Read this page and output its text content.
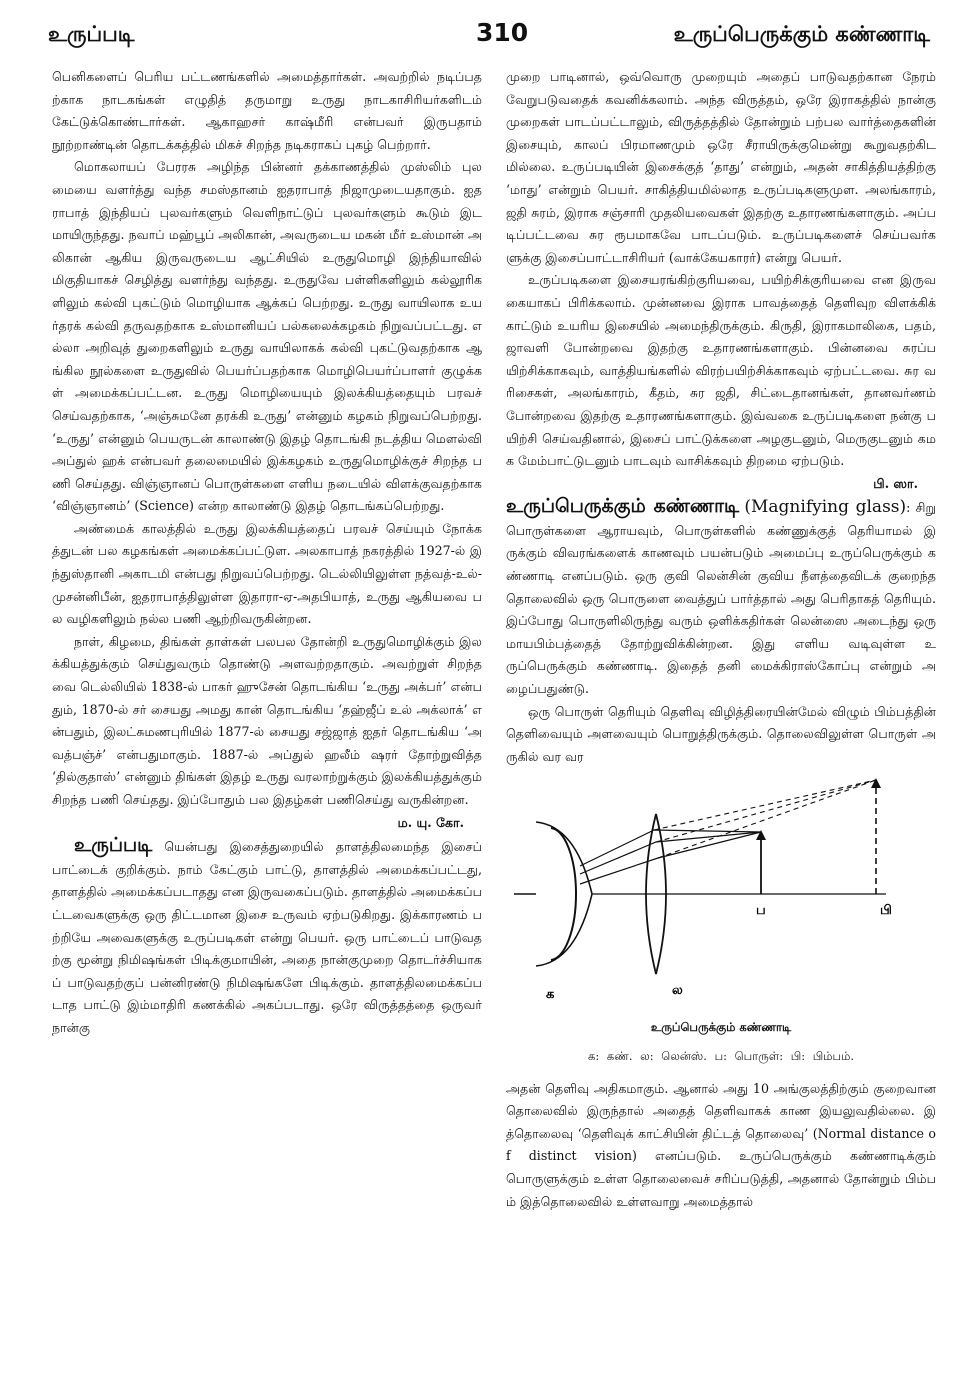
உருப்படி	310	உருப்பெருக்கும் கண்ணாடி

பெனிகளைப் பெரிய பட்டணங்களில் அமைத்தார்கள். அவற்றில் நடிப்பதற்காக நாடகங்கள் எழுதித் தருமாறு உருது நாடகாசிரியர்களிடம் கேட்டுக்கொண்டார்கள். ஆகாஹசர் காஷ்மீரி என்பவர் இருபதாம் நூற்றாண்டின் தொடக்கத்தில் மிகச் சிறந்த நடிகராகப் புகழ் பெற்றார்.

மொகலாயப் பேரரசு அழிந்த பின்னர் தக்காணத்தில் முஸ்லிம் புலமையை வளர்த்து வந்த சமஸ்தானம் ஐதராபாத் நிஜாமுடையதாகும். ஐதராபாத் இந்தியப் புலவர்களும் வெளிநாட்டுப் புலவர்களும் கூடும் இடமாயிருந்தது. நவாப் மஹ்பூப் அலிகான், அவருடைய மகன் மீர் உஸ்மான் அலிகான் ஆகிய இருவருடைய ஆட்சியில் உருதுமொழி இந்தியாவில் மிகுதியாகச் செழித்து வளர்ந்து வந்தது. உருதுவே பள்ளிகளிலும் கல்லூரிகளிலும் கல்வி புகட்டும் மொழியாக ஆக்கப் பெற்றது. உருது வாயிலாக உயர்தரக் கல்வி தருவதற்காக உஸ்மானியப் பல்கலைக்கழகம் நிறுவப்பட்டது. எல்லா அறிவுத் துறைகளிலும் உருது வாயிலாகக் கல்வி புகட்டுவதற்காக ஆங்கில நூல்களை உருதுவில் பெயர்ப்பதற்காக மொழிபெயர்ப்பாளர் குழுக்கள் அமைக்கப்பட்டன. உருது மொழியையும் இலக்கியத்தையும் பரவச் செய்வதற்காக, ‘அஞ்சுமனே தரக்கி உருது’ என்னும் கழகம் நிறுவப்பெற்றது. ‘உருது’ என்னும் பெயருடன் காலாண்டு இதழ் தொடங்கி நடத்திய மௌல்வி அப்துல் ஹக் என்பவர் தலைமையில் இக்கழகம் உருதுமொழிக்குச் சிறந்த பணி செய்தது. விஞ்ஞானப் பொருள்களை எளிய நடையில் விளக்குவதற்காக ‘விஞ்ஞானம்’ (Science) என்ற காலாண்டு இதழ் தொடங்கப்பெற்றது.

அண்மைக் காலத்தில் உருது இலக்கியத்தைப் பரவச் செய்யும் நோக்கத்துடன் பல கழகங்கள் அமைக்கப்பட்டுள. அலகாபாத் நகரத்தில் 1927-ல் இந்துஸ்தானி அகாடமி என்பது நிறுவப்பெற்றது. டெல்லியிலுள்ள நத்வத்-உல்-முசன்னிபீன், ஐதராபாத்திலுள்ள இதாரா-ஏ-அதபியாத், உருது ஆகியவை பல வழிகளிலும் நல்ல பணி ஆற்றிவருகின்றன.

நாள், கிழமை, திங்கள் தாள்கள் பலபல தோன்றி உருதுமொழிக்கும் இலக்கியத்துக்கும் செய்துவரும் தொண்டு அளவற்றதாகும். அவற்றுள் சிறந்தவை டெல்லியில் 1838-ல் பாகர் ஹுசேன் தொடங்கிய ‘உருது அக்பர்’ என்பதும், 1870-ல் சர் சையது அமது கான் தொடங்கிய ‘தஹ்ஜீப் உல் அக்லாக்’ என்பதும், இலட்சுமணபுரியில் 1877-ல் சையது சஜ்ஜாத் ஐதர் தொடங்கிய ‘அவத்பஞ்ச்’ என்பதுமாகும். 1887-ல் அப்துல் ஹலீம் ஷரர் தோற்றுவித்த ‘தில்குதாஸ்’ என்னும் திங்கள் இதழ் உருது வரலாற்றுக்கும் இலக்கியத்துக்கும் சிறந்த பணி செய்தது. இப்போதும் பல இதழ்கள் பணிசெய்து வருகின்றன.

ம. யு. கோ.

உருப்படி யென்பது இசைத்துறையில் தாளத்திலமைந்த இசைப் பாட்டைக் குறிக்கும். நாம் கேட்கும் பாட்டு, தாளத்தில் அமைக்கப்பட்டது, தாளத்தில் அமைக்கப்படாதது என இருவகைப்படும். தாளத்தில் அமைக்கப்பட்டவைகளுக்கு ஒரு திட்டமான இசை உருவம் ஏற்படுகிறது. இக்காரணம் பற்றியே அவைகளுக்கு உருப்படிகள் என்று பெயர். ஒரு பாட்டைப் பாடுவதற்கு மூன்று நிமிஷங்கள் பிடிக்குமாயின், அதை நான்குமுறை தொடர்ச்சியாகப் பாடுவதற்குப் பன்னிரண்டு நிமிஷங்களே பிடிக்கும். தாளத்திலமைக்கப்படாத பாட்டு இம்மாதிரி கணக்கில் அகப்படாது. ஒரே விருத்தத்தை ஒருவர் நான்கு

முறை பாடினால், ஒவ்வொரு முறையும் அதைப் பாடுவதற்கான நேரம் வேறுபடுவதைக் கவனிக்கலாம். அந்த விருத்தம், ஒரே இராகத்தில் நான்கு முறைகள் பாடப்பட்டாலும், விருத்தத்தில் தோன்றும் பற்பல வார்த்தைகளின் இசையும், காலப் பிரமாணமும் ஒரே சீராயிருக்குமென்று கூறுவதற்கிடமில்லை. உருப்படியின் இசைக்குத் ‘தாது’ என்றும், அதன் சாகித்தியத்திற்கு ‘மாது’ என்றும் பெயர். சாகித்தியமில்லாத உருப்படிகளுமுள. அலங்காரம், ஜதி சுரம், இராக சஞ்சாரி முதலியவைகள் இதற்கு உதாரணங்களாகும். அப்படிப்பட்டவை சுர ரூபமாகவே பாடப்படும். உருப்படிகளைச் செய்பவர்களுக்கு இசைப்பாட்டாசிரியர் (வாக்கேயகாரர்) என்று பெயர்.

உருப்படிகளை இசையரங்கிற்குரியவை, பயிற்சிக்குரியவை என இருவகையாகப் பிரிக்கலாம். முன்னவை இராக பாவத்தைத் தெளிவுற விளக்கிக் காட்டும் உயரிய இசையில் அமைந்திருக்கும். கிருதி, இராகமாலிகை, பதம், ஜாவளி போன்றவை இதற்கு உதாரணங்களாகும். பின்னவை சுரப்பயிற்சிக்காகவும், வாத்தியங்களில் விரற்பயிற்சிக்காகவும் ஏற்பட்டவை. சுர வரிசைகள், அலங்காரம், கீதம், சுர ஜதி, சிட்டைதானங்கள், தானவர்ணம் போன்றவை இதற்கு உதாரணங்களாகும். இவ்வகை உருப்படிகளை நன்கு பயிற்சி செய்வதினால், இசைப் பாட்டுக்களை அழகுடனும், மெருகுடனும் கமக மேம்பாட்டுடனும் பாடவும் வாசிக்கவும் திறமை ஏற்படும்.

பி. ஸா.

உருப்பெருக்கும் கண்ணாடி (Magnifying glass): சிறு பொருள்களை ஆராயவும், பொருள்களில் கண்ணுக்குத் தெரியாமல் இருக்கும் விவரங்களைக் காணவும் பயன்படும் அமைப்பு உருப்பெருக்கும் கண்ணாடி எனப்படும். ஒரு குவி லென்சின் குவிய நீளத்தைவிடக் குறைந்த தொலைவில் ஒரு பொருளை வைத்துப் பார்த்தால் அது பெரிதாகத் தெரியும். இப்போது பொருளிலிருந்து வரும் ஒளிக்கதிர்கள் லென்ஸை அடைந்து ஒரு மாயபிம்பத்தைத் தோற்றுவிக்கின்றன. இது எளிய வடிவுள்ள உருப்பெருக்கும் கண்ணாடி. இதைத் தனி மைக்கிராஸ்கோப்பு என்றும் அழைப்பதுண்டு.

ஒரு பொருள் தெரியும் தெளிவு விழித்திரையின்மேல் விழும் பிம்பத்தின் தெளிவையும் அளவையும் பொறுத்திருக்கும். தொலைவிலுள்ள பொருள் அருகில் வர வர

க	ல
ப	பி
உருப்பெருக்கும் கண்ணாடி
க: கண். ல: லென்ஸ். ப: பொருள்: பி: பிம்பம்.

அதன் தெளிவு அதிகமாகும். ஆனால் அது 10 அங்குலத்திற்கும் குறைவான தொலைவில் இருந்தால் அதைத் தெளிவாகக் காண இயலுவதில்லை. இத்தொலைவு ‘தெளிவுக் காட்சியின் திட்டத் தொலைவு’ (Normal distance of distinct vision) எனப்படும். உருப்பெருக்கும் கண்ணாடிக்கும் பொருளுக்கும் உள்ள தொலைவைச் சரிப்படுத்தி, அதனால் தோன்றும் பிம்பம் இத்தொலைவில் உள்ளவாறு அமைத்தால்
